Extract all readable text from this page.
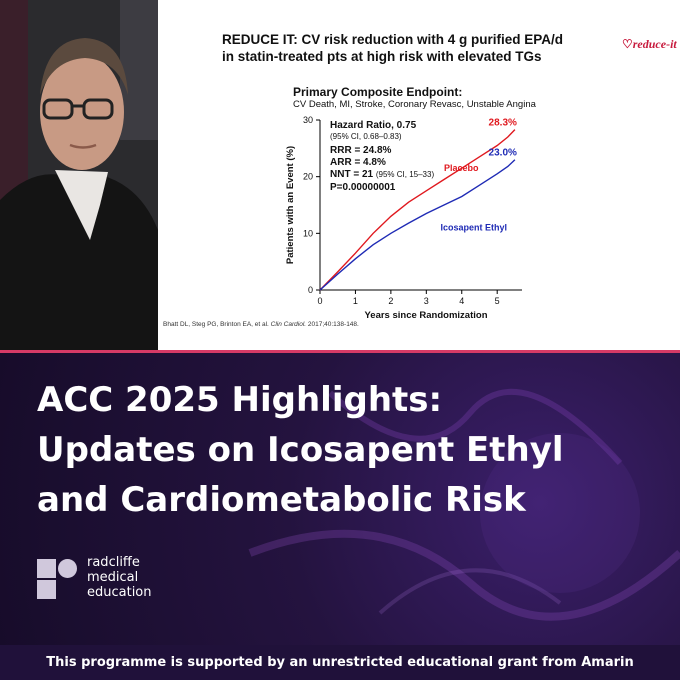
REDUCE IT: CV risk reduction with 4 g purified EPA/d
in statin-treated pts at high risk with elevated TGs
♡reduce-it
Primary Composite Endpoint:
CV Death, MI, Stroke, Coronary Revasc, Unstable Angina
Hazard Ratio, 0.75
(95% CI, 0.68–0.83)
RRR = 24.8%
ARR = 4.8%
NNT = 21 (95% CI, 15–33)
P=0.00000001
0	1	2	3	4	5
0
10
20
30
Years since Randomization
Patients with an Event (%)
28.3%
23.0%
Placebo
Icosapent Ethyl
Bhatt DL, Steg PG, Brinton EA, et al. Clin Cardiol. 2017;40:138-148.
ACC 2025 Highlights:
Updates on Icosapent Ethyl
and Cardiometabolic Risk
radcliffe
medical
education
This programme is supported by an unrestricted educational grant from Amarin
